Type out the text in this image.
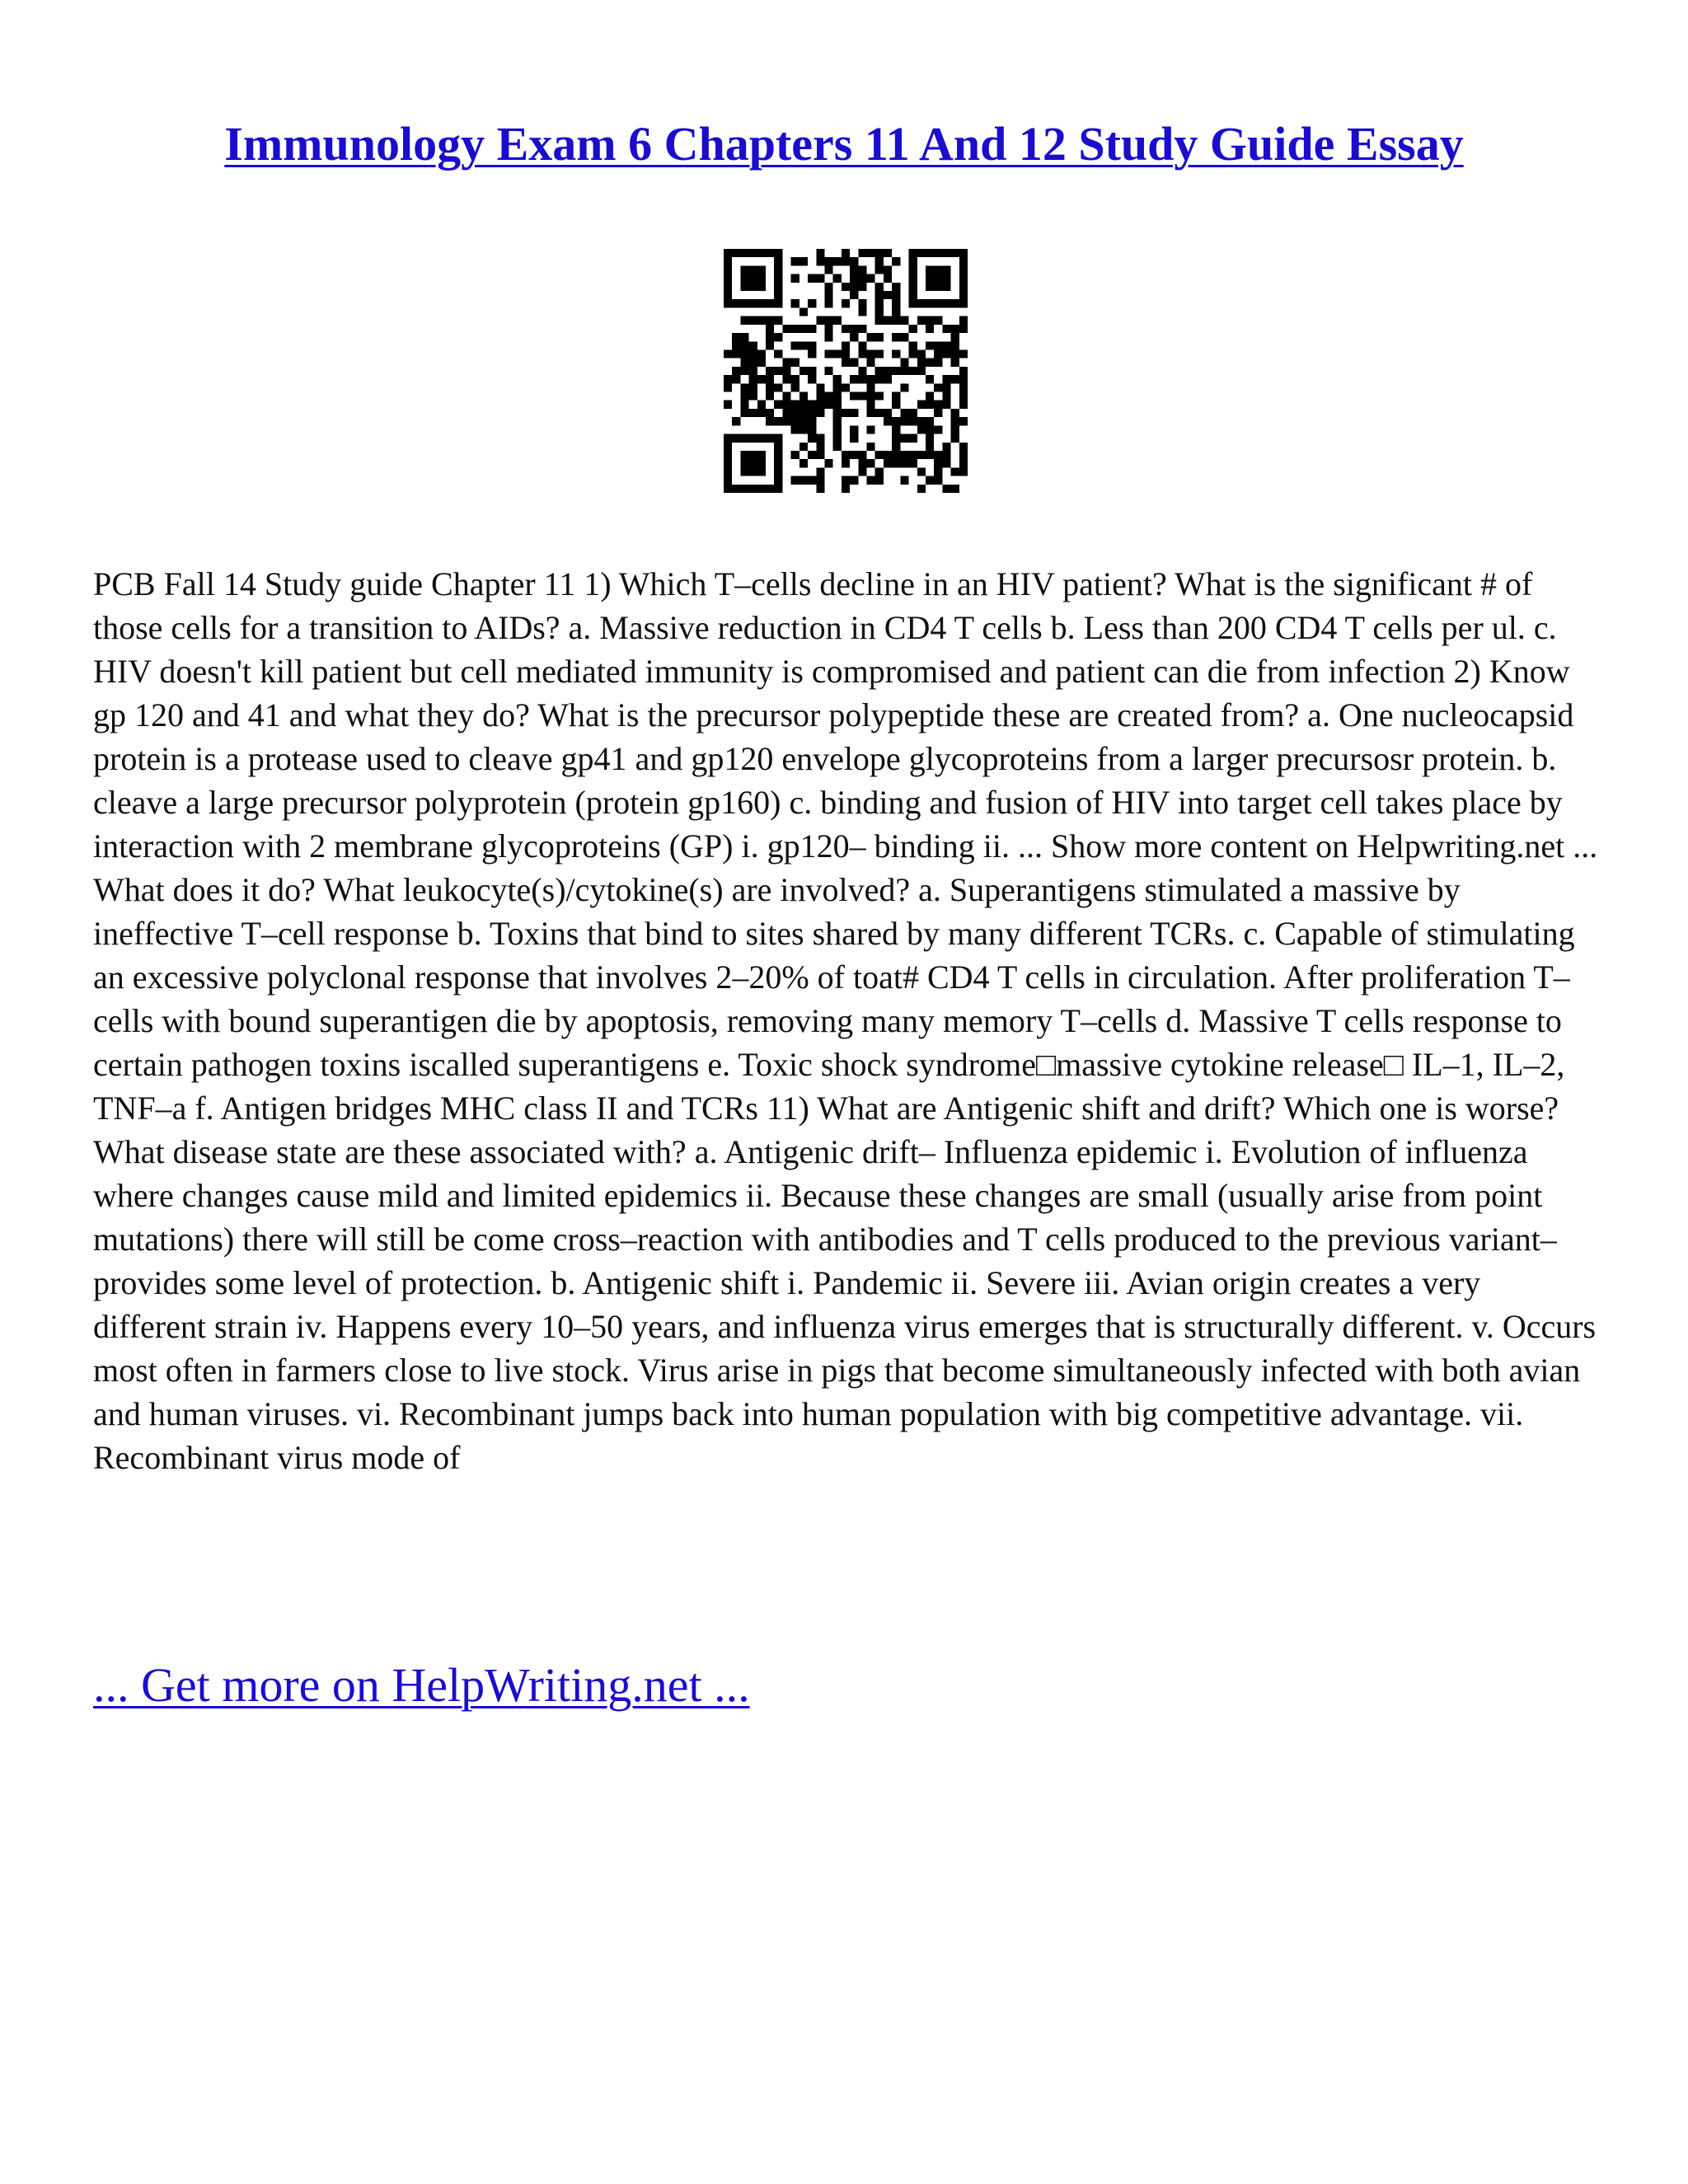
Immunology Exam 6 Chapters 11 And 12 Study Guide Essay

PCB Fall 14 Study guide Chapter 11 1) Which T–cells decline in an HIV patient? What is the significant # of those cells for a transition to AIDs? a. Massive reduction in CD4 T cells b. Less than 200 CD4 T cells per ul. c. HIV doesn't kill patient but cell mediated immunity is compromised and patient can die from infection 2) Know gp 120 and 41 and what they do? What is the precursor polypeptide these are created from? a. One nucleocapsid protein is a protease used to cleave gp41 and gp120 envelope glycoproteins from a larger precursosr protein. b. cleave a large precursor polyprotein (protein gp160) c. binding and fusion of HIV into target cell takes place by interaction with 2 membrane glycoproteins (GP) i. gp120– binding ii. ... Show more content on Helpwriting.net ...

What does it do? What leukocyte(s)/cytokine(s) are involved? a. Superantigens stimulated a massive by ineffective T–cell response b. Toxins that bind to sites shared by many different TCRs. c. Capable of stimulating an excessive polyclonal response that involves 2–20% of toat# CD4 T cells in circulation. After proliferation T–cells with bound superantigen die by apoptosis, removing many memory T–cells d. Massive T cells response to certain pathogen toxins iscalled superantigens e. Toxic shock syndrome□massive cytokine release□ IL–1, IL–2, TNF–a f. Antigen bridges MHC class II and TCRs 11) What are Antigenic shift and drift? Which one is worse? What disease state are these associated with? a. Antigenic drift– Influenza epidemic i. Evolution of influenza where changes cause mild and limited epidemics ii. Because these changes are small (usually arise from point mutations) there will still be come cross–reaction with antibodies and T cells produced to the previous variant– provides some level of protection. b. Antigenic shift i. Pandemic ii. Severe iii. Avian origin creates a very different strain iv. Happens every 10–50 years, and influenza virus emerges that is structurally different. v. Occurs most often in farmers close to live stock. Virus arise in pigs that become simultaneously infected with both avian and human viruses. vi. Recombinant jumps back into human population with big competitive advantage. vii. Recombinant virus mode of

... Get more on HelpWriting.net ...
